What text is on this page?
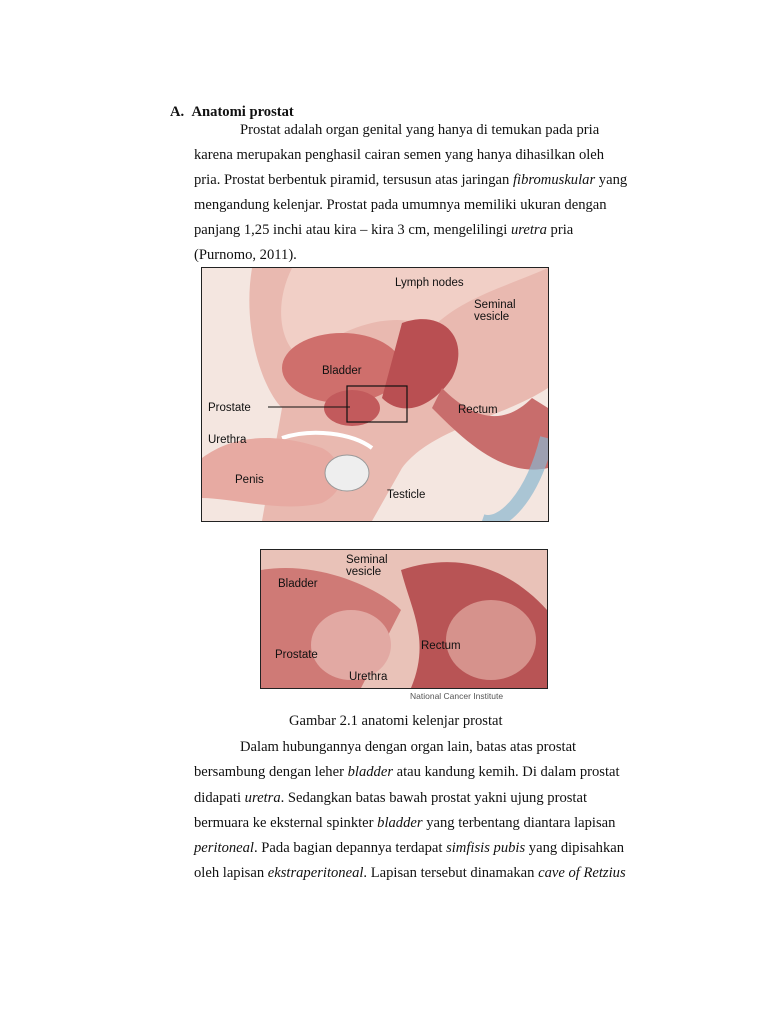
A. Anatomi prostat
Prostat adalah organ genital yang hanya di temukan pada pria
karena merupakan penghasil cairan semen yang hanya dihasilkan oleh
pria. Prostat berbentuk piramid, tersusun atas jaringan fibromuskular yang
mengandung kelenjar. Prostat pada umumnya memiliki ukuran dengan
panjang 1,25 inchi atau kira – kira 3 cm, mengelilingi uretra pria
(Purnomo, 2011).
Lymph nodes
Seminal
vesicle
Bladder
Prostate	Rectum
Urethra
Penis
Testicle
Seminal
vesicle
Bladder
Rectum
Prostate
Urethra
National Cancer Institute
Gambar 2.1 anatomi kelenjar prostat
Dalam hubungannya dengan organ lain, batas atas prostat
bersambung dengan leher bladder atau kandung kemih. Di dalam prostat
didapati uretra. Sedangkan batas bawah prostat yakni ujung prostat
bermuara ke eksternal spinkter bladder yang terbentang diantara lapisan
peritoneal. Pada bagian depannya terdapat simfisis pubis yang dipisahkan
oleh lapisan ekstraperitoneal. Lapisan tersebut dinamakan cave of Retzius
